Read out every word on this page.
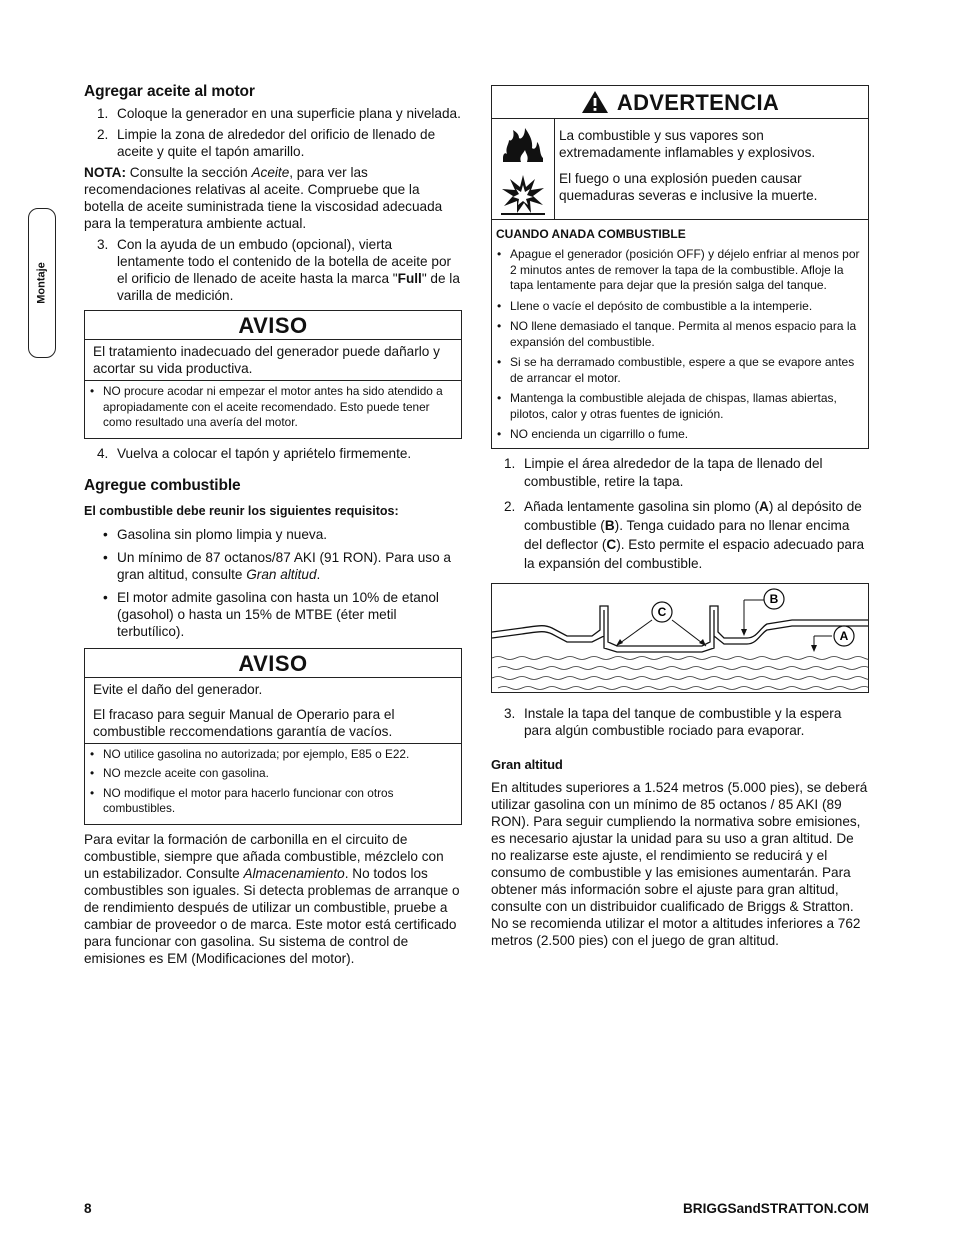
Montaje
Agregar aceite al motor
1. Coloque la generador en una superficie plana y nivelada.
2. Limpie la zona de alrededor del orificio de llenado de aceite y quite el tapón amarillo.

NOTA: Consulte la sección Aceite, para ver las recomendaciones relativas al aceite. Compruebe que la botella de aceite suministrada tiene la viscosidad adecuada para la temperatura ambiente actual.

3. Con la ayuda de un embudo (opcional), vierta lentamente todo el contenido de la botella de aceite por el orificio de llenado de aceite hasta la marca "Full" de la varilla de medición.
AVISO

El tratamiento inadecuado del generador puede dañarlo y acortar su vida productiva.

• NO procure acodar ni empezar el motor antes ha sido atendido a apropiadamente con el aceite recomendado. Esto puede tener como resultado una avería del motor.
4. Vuelva a colocar el tapón y apriételo firmemente.
Agregue combustible

El combustible debe reunir los siguientes requisitos:

• Gasolina sin plomo limpia y nueva.
• Un mínimo de 87 octanos/87 AKI (91 RON). Para uso a gran altitud, consulte Gran altitud.
• El motor admite gasolina con hasta un 10% de etanol (gasohol) o hasta un 15% de MTBE (éter metil terbutílico).
AVISO

Evite el daño del generador.

El fracaso para seguir Manual de Operario para el combustible reccomendations garantía de vacíos.

• NO utilice gasolina no autorizada; por ejemplo, E85 o E22.
• NO mezcle aceite con gasolina.
• NO modifique el motor para hacerlo funcionar con otros combustibles.

Para evitar la formación de carbonilla en el circuito de combustible, siempre que añada combustible, mézclelo con un estabilizador. Consulte Almacenamiento. No todos los combustibles son iguales. Si detecta problemas de arranque o de rendimiento después de utilizar un combustible, pruebe a cambiar de proveedor o de marca. Este motor está certificado para funcionar con gasolina. Su sistema de control de emisiones es EM (Modificaciones del motor).

ADVERTENCIA

La combustible y sus vapores son extremadamente inflamables y explosivos.

El fuego o una explosión pueden causar quemaduras severas e inclusive la muerte.

CUANDO ANADA COMBUSTIBLE
• Apague el generador (posición OFF) y déjelo enfriar al menos por 2 minutos antes de remover la tapa de la combustible. Afloje la tapa lentamente para dejar que la presión salga del tanque.
• Llene o vacíe el depósito de combustible a la intemperie.
• NO llene demasiado el tanque. Permita al menos espacio para la expansión del combustible.
• Si se ha derramado combustible, espere a que se evapore antes de arrancar el motor.
• Mantenga la combustible alejada de chispas, llamas abiertas, pilotos, calor y otras fuentes de ignición.
• NO encienda un cigarrillo o fume.
1. Limpie el área alrededor de la tapa de llenado del combustible, retire la tapa.
2. Añada lentamente gasolina sin plomo (A) al depósito de combustible (B). Tenga cuidado para no llenar encima del deflector (C). Esto permite el espacio adecuado para la expansión del combustible.
C
B
A
3. Instale la tapa del tanque de combustible y la espera para algún combustible rociado para evaporar.
Gran altitud

En altitudes superiores a 1.524 metros (5.000 pies), se deberá utilizar gasolina con un mínimo de 85 octanos / 85 AKI (89 RON). Para seguir cumpliendo la normativa sobre emisiones, es necesario ajustar la unidad para su uso a gran altitud. De no realizarse este ajuste, el rendimiento se reducirá y el consumo de combustible y las emisiones aumentarán. Para obtener más información sobre el ajuste para gran altitud, consulte con un distribuidor cualificado de Briggs & Stratton. No se recomienda utilizar el motor a altitudes inferiores a 762 metros (2.500 pies) con el juego de gran altitud.

8	BRIGGSandSTRATTON.COM
